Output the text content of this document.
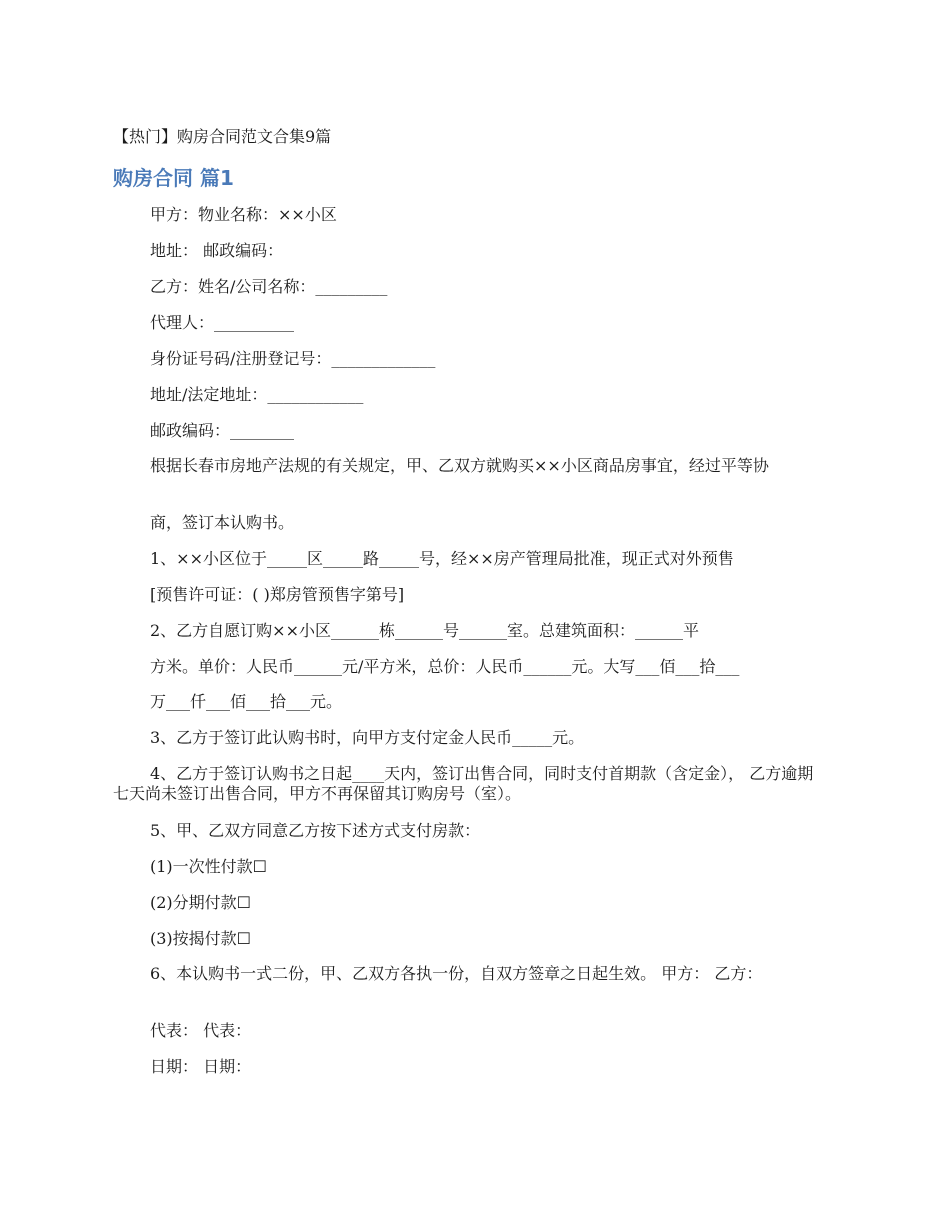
【热门】购房合同范文合集9篇
购房合同 篇1

甲方：物业名称：××小区

地址： 邮政编码：

乙方：姓名/公司名称：_________

代理人：__________

身份证号码/注册登记号：_____________

地址/法定地址：____________

邮政编码：________

根据长春市房地产法规的有关规定，甲、乙双方就购买××小区商品房事宜，经过平等协

商，签订本认购书。

1、××小区位于_____区_____路_____号，经××房产管理局批准，现正式对外预售

[预售许可证：( )郑房管预售字第号]

2、乙方自愿订购××小区______栋______号______室。总建筑面积：______平

方米。单价：人民币______元/平方米，总价：人民币______元。大写___佰___拾___

万___仟___佰___拾___元。

3、乙方于签订此认购书时，向甲方支付定金人民币_____元。

4、乙方于签订认购书之日起____天内，签订出售合同，同时支付首期款（含定金）， 乙方逾期七天尚未签订出售合同，甲方不再保留其订购房号（室）。

5、甲、乙双方同意乙方按下述方式支付房款：

(1)一次性付款☐

(2)分期付款☐

(3)按揭付款☐

6、本认购书一式二份，甲、乙双方各执一份，自双方签章之日起生效。 甲方： 乙方：

代表： 代表：

日期： 日期：
